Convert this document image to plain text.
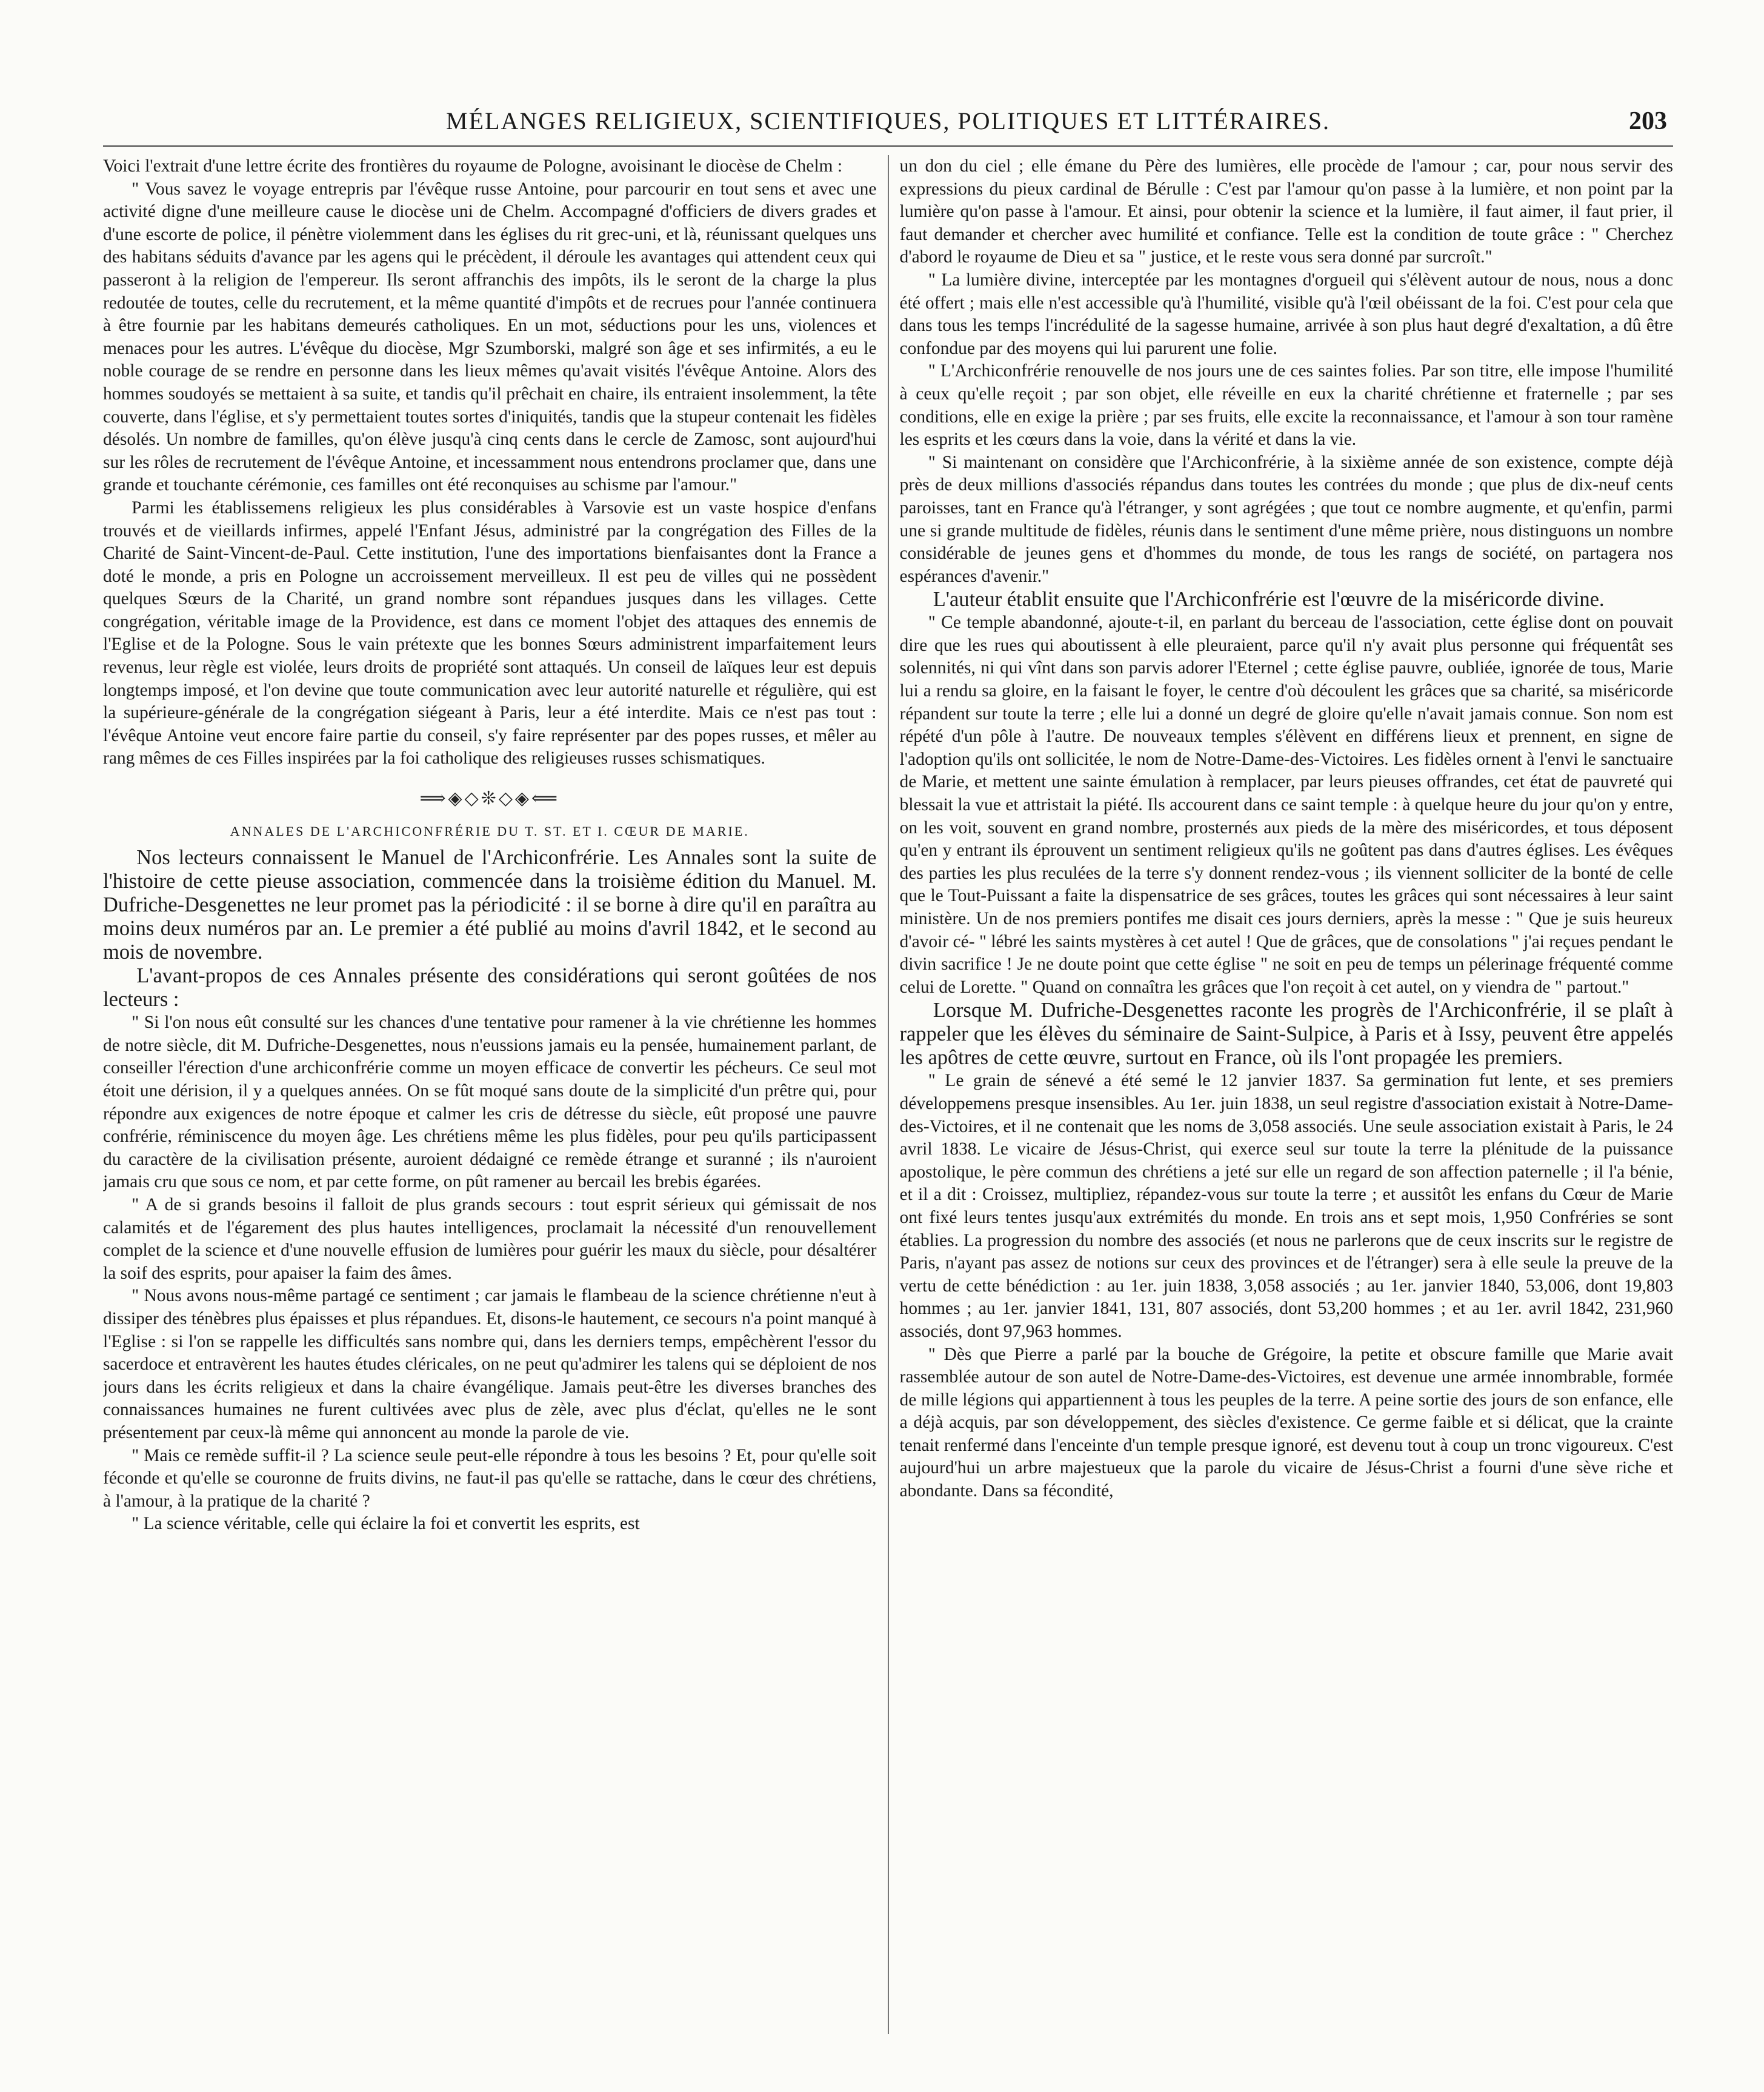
MÉLANGES RELIGIEUX, SCIENTIFIQUES, POLITIQUES ET LITTÉRAIRES.	203

Voici l'extrait d'une lettre écrite des frontières du royaume de Pologne, avoisinant le diocèse de Chelm :

" Vous savez le voyage entrepris par l'évêque russe Antoine, pour parcourir en tout sens et avec une activité digne d'une meilleure cause le diocèse uni de Chelm. Accompagné d'officiers de divers grades et d'une escorte de police, il pénètre violemment dans les églises du rit grec-uni, et là, réunissant quelques uns des habitans séduits d'avance par les agens qui le précèdent, il déroule les avantages qui attendent ceux qui passeront à la religion de l'empereur. Ils seront affranchis des impôts, ils le seront de la charge la plus redoutée de toutes, celle du recrutement, et la même quantité d'impôts et de recrues pour l'année continuera à être fournie par les habitans demeurés catholiques. En un mot, séductions pour les uns, violences et menaces pour les autres. L'évêque du diocèse, Mgr Szumborski, malgré son âge et ses infirmités, a eu le noble courage de se rendre en personne dans les lieux mêmes qu'avait visités l'évêque Antoine. Alors des hommes soudoyés se mettaient à sa suite, et tandis qu'il prêchait en chaire, ils entraient insolemment, la tête couverte, dans l'église, et s'y permettaient toutes sortes d'iniquités, tandis que la stupeur contenait les fidèles désolés. Un nombre de familles, qu'on élève jusqu'à cinq cents dans le cercle de Zamosc, sont aujourd'hui sur les rôles de recrutement de l'évêque Antoine, et incessamment nous entendrons proclamer que, dans une grande et touchante cérémonie, ces familles ont été reconquises au schisme par l'amour."

Parmi les établissemens religieux les plus considérables à Varsovie est un vaste hospice d'enfans trouvés et de vieillards infirmes, appelé l'Enfant Jésus, administré par la congrégation des Filles de la Charité de Saint-Vincent-de-Paul. Cette institution, l'une des importations bienfaisantes dont la France a doté le monde, a pris en Pologne un accroissement merveilleux. Il est peu de villes qui ne possèdent quelques Sœurs de la Charité, un grand nombre sont répandues jusques dans les villages. Cette congrégation, véritable image de la Providence, est dans ce moment l'objet des attaques des ennemis de l'Eglise et de la Pologne. Sous le vain prétexte que les bonnes Sœurs administrent imparfaitement leurs revenus, leur règle est violée, leurs droits de propriété sont attaqués. Un conseil de laïques leur est depuis longtemps imposé, et l'on devine que toute communication avec leur autorité naturelle et régulière, qui est la supérieure-générale de la congrégation siégeant à Paris, leur a été interdite. Mais ce n'est pas tout : l'évêque Antoine veut encore faire partie du conseil, s'y faire représenter par des popes russes, et mêler au rang mêmes de ces Filles inspirées par la foi catholique des religieuses russes schismatiques.

⟹◈◇❊◇◈⟸
ANNALES DE L'ARCHICONFRÉRIE DU T. ST. ET I. CŒUR DE MARIE.

Nos lecteurs connaissent le Manuel de l'Archiconfrérie. Les Annales sont la suite de l'histoire de cette pieuse association, commencée dans la troisième édition du Manuel. M. Dufriche-Desgenettes ne leur promet pas la périodicité : il se borne à dire qu'il en paraîtra au moins deux numéros par an. Le premier a été publié au moins d'avril 1842, et le second au mois de novembre.

L'avant-propos de ces Annales présente des considérations qui seront goûtées de nos lecteurs :

" Si l'on nous eût consulté sur les chances d'une tentative pour ramener à la vie chrétienne les hommes de notre siècle, dit M. Dufriche-Desgenettes, nous n'eussions jamais eu la pensée, humainement parlant, de conseiller l'érection d'une archiconfrérie comme un moyen efficace de convertir les pécheurs. Ce seul mot étoit une dérision, il y a quelques années. On se fût moqué sans doute de la simplicité d'un prêtre qui, pour répondre aux exigences de notre époque et calmer les cris de détresse du siècle, eût proposé une pauvre confrérie, réminiscence du moyen âge. Les chrétiens même les plus fidèles, pour peu qu'ils participassent du caractère de la civilisation présente, auroient dédaigné ce remède étrange et suranné ; ils n'auroient jamais cru que sous ce nom, et par cette forme, on pût ramener au bercail les brebis égarées.

" A de si grands besoins il falloit de plus grands secours : tout esprit sérieux qui gémissait de nos calamités et de l'égarement des plus hautes intelligences, proclamait la nécessité d'un renouvellement complet de la science et d'une nouvelle effusion de lumières pour guérir les maux du siècle, pour désaltérer la soif des esprits, pour apaiser la faim des âmes.

" Nous avons nous-même partagé ce sentiment ; car jamais le flambeau de la science chrétienne n'eut à dissiper des ténèbres plus épaisses et plus répandues. Et, disons-le hautement, ce secours n'a point manqué à l'Eglise : si l'on se rappelle les difficultés sans nombre qui, dans les derniers temps, empêchèrent l'essor du sacerdoce et entravèrent les hautes études cléricales, on ne peut qu'admirer les talens qui se déploient de nos jours dans les écrits religieux et dans la chaire évangélique. Jamais peut-être les diverses branches des connaissances humaines ne furent cultivées avec plus de zèle, avec plus d'éclat, qu'elles ne le sont présentement par ceux-là même qui annoncent au monde la parole de vie.

" Mais ce remède suffit-il ? La science seule peut-elle répondre à tous les besoins ? Et, pour qu'elle soit féconde et qu'elle se couronne de fruits divins, ne faut-il pas qu'elle se rattache, dans le cœur des chrétiens, à l'amour, à la pratique de la charité ?

" La science véritable, celle qui éclaire la foi et convertit les esprits, est

un don du ciel ; elle émane du Père des lumières, elle procède de l'amour ; car, pour nous servir des expressions du pieux cardinal de Bérulle : C'est par l'amour qu'on passe à la lumière, et non point par la lumière qu'on passe à l'amour. Et ainsi, pour obtenir la science et la lumière, il faut aimer, il faut prier, il faut demander et chercher avec humilité et confiance. Telle est la condition de toute grâce : " Cherchez d'abord le royaume de Dieu et sa " justice, et le reste vous sera donné par surcroît."

" La lumière divine, interceptée par les montagnes d'orgueil qui s'élèvent autour de nous, nous a donc été offert ; mais elle n'est accessible qu'à l'humilité, visible qu'à l'œil obéissant de la foi. C'est pour cela que dans tous les temps l'incrédulité de la sagesse humaine, arrivée à son plus haut degré d'exaltation, a dû être confondue par des moyens qui lui parurent une folie.

" L'Archiconfrérie renouvelle de nos jours une de ces saintes folies. Par son titre, elle impose l'humilité à ceux qu'elle reçoit ; par son objet, elle réveille en eux la charité chrétienne et fraternelle ; par ses conditions, elle en exige la prière ; par ses fruits, elle excite la reconnaissance, et l'amour à son tour ramène les esprits et les cœurs dans la voie, dans la vérité et dans la vie.

" Si maintenant on considère que l'Archiconfrérie, à la sixième année de son existence, compte déjà près de deux millions d'associés répandus dans toutes les contrées du monde ; que plus de dix-neuf cents paroisses, tant en France qu'à l'étranger, y sont agrégées ; que tout ce nombre augmente, et qu'enfin, parmi une si grande multitude de fidèles, réunis dans le sentiment d'une même prière, nous distinguons un nombre considérable de jeunes gens et d'hommes du monde, de tous les rangs de société, on partagera nos espérances d'avenir."

L'auteur établit ensuite que l'Archiconfrérie est l'œuvre de la miséricorde divine.

" Ce temple abandonné, ajoute-t-il, en parlant du berceau de l'association, cette église dont on pouvait dire que les rues qui aboutissent à elle pleuraient, parce qu'il n'y avait plus personne qui fréquentât ses solennités, ni qui vînt dans son parvis adorer l'Eternel ; cette église pauvre, oubliée, ignorée de tous, Marie lui a rendu sa gloire, en la faisant le foyer, le centre d'où découlent les grâces que sa charité, sa miséricorde répandent sur toute la terre ; elle lui a donné un degré de gloire qu'elle n'avait jamais connue. Son nom est répété d'un pôle à l'autre. De nouveaux temples s'élèvent en différens lieux et prennent, en signe de l'adoption qu'ils ont sollicitée, le nom de Notre-Dame-des-Victoires. Les fidèles ornent à l'envi le sanctuaire de Marie, et mettent une sainte émulation à remplacer, par leurs pieuses offrandes, cet état de pauvreté qui blessait la vue et attristait la piété. Ils accourent dans ce saint temple : à quelque heure du jour qu'on y entre, on les voit, souvent en grand nombre, prosternés aux pieds de la mère des miséricordes, et tous déposent qu'en y entrant ils éprouvent un sentiment religieux qu'ils ne goûtent pas dans d'autres églises. Les évêques des parties les plus reculées de la terre s'y donnent rendez-vous ; ils viennent solliciter de la bonté de celle que le Tout-Puissant a faite la dispensatrice de ses grâces, toutes les grâces qui sont nécessaires à leur saint ministère. Un de nos premiers pontifes me disait ces jours derniers, après la messe : " Que je suis heureux d'avoir cé- " lébré les saints mystères à cet autel ! Que de grâces, que de consolations " j'ai reçues pendant le divin sacrifice ! Je ne doute point que cette église " ne soit en peu de temps un pélerinage fréquenté comme celui de Lorette. " Quand on connaîtra les grâces que l'on reçoit à cet autel, on y viendra de " partout."

Lorsque M. Dufriche-Desgenettes raconte les progrès de l'Archiconfrérie, il se plaît à rappeler que les élèves du séminaire de Saint-Sulpice, à Paris et à Issy, peuvent être appelés les apôtres de cette œuvre, surtout en France, où ils l'ont propagée les premiers.

" Le grain de sénevé a été semé le 12 janvier 1837. Sa germination fut lente, et ses premiers développemens presque insensibles. Au 1er. juin 1838, un seul registre d'association existait à Notre-Dame-des-Victoires, et il ne contenait que les noms de 3,058 associés. Une seule association existait à Paris, le 24 avril 1838. Le vicaire de Jésus-Christ, qui exerce seul sur toute la terre la plénitude de la puissance apostolique, le père commun des chrétiens a jeté sur elle un regard de son affection paternelle ; il l'a bénie, et il a dit : Croissez, multipliez, répandez-vous sur toute la terre ; et aussitôt les enfans du Cœur de Marie ont fixé leurs tentes jusqu'aux extrémités du monde. En trois ans et sept mois, 1,950 Confréries se sont établies. La progression du nombre des associés (et nous ne parlerons que de ceux inscrits sur le registre de Paris, n'ayant pas assez de notions sur ceux des provinces et de l'étranger) sera à elle seule la preuve de la vertu de cette bénédiction : au 1er. juin 1838, 3,058 associés ; au 1er. janvier 1840, 53,006, dont 19,803 hommes ; au 1er. janvier 1841, 131, 807 associés, dont 53,200 hommes ; et au 1er. avril 1842, 231,960 associés, dont 97,963 hommes.

" Dès que Pierre a parlé par la bouche de Grégoire, la petite et obscure famille que Marie avait rassemblée autour de son autel de Notre-Dame-des-Victoires, est devenue une armée innombrable, formée de mille légions qui appartiennent à tous les peuples de la terre. A peine sortie des jours de son enfance, elle a déjà acquis, par son développement, des siècles d'existence. Ce germe faible et si délicat, que la crainte tenait renfermé dans l'enceinte d'un temple presque ignoré, est devenu tout à coup un tronc vigoureux. C'est aujourd'hui un arbre majestueux que la parole du vicaire de Jésus-Christ a fourni d'une sève riche et abondante. Dans sa fécondité,
